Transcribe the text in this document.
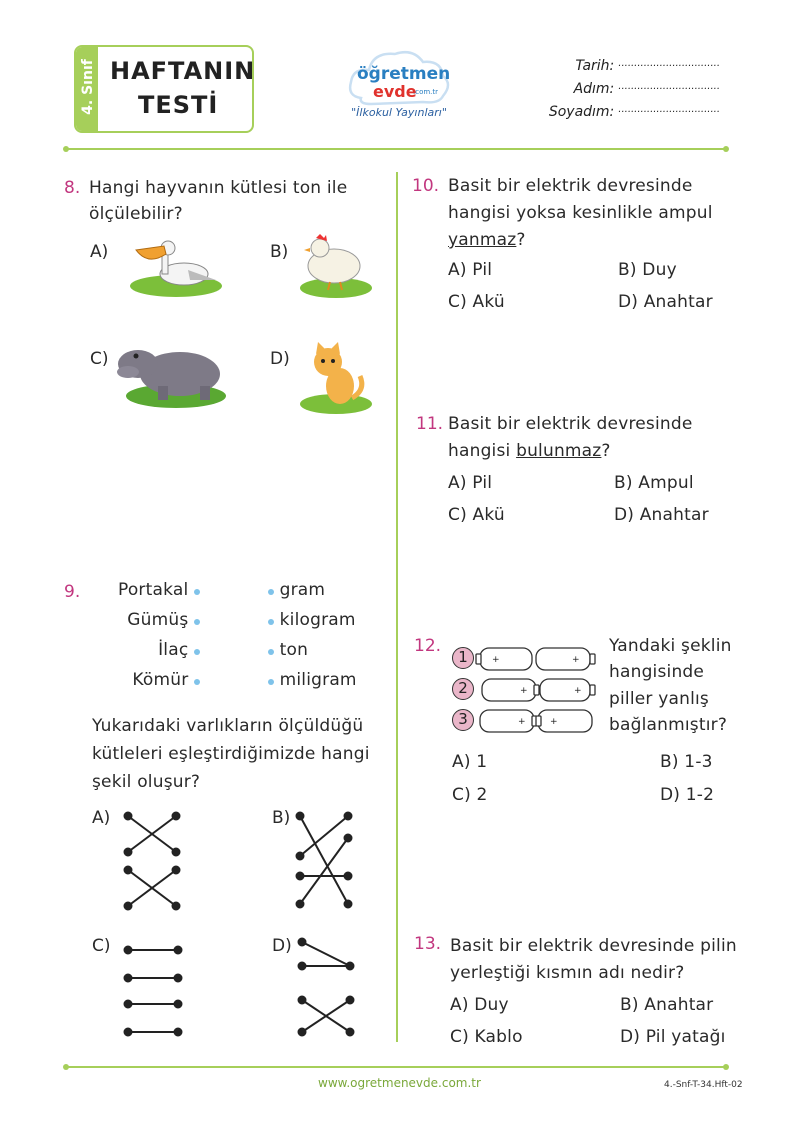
4. Sınıf HAFTANIN
TESTİ
öğretmen
evde
.com.tr
"İlkokul Yayınları"
Tarih: ................................
Adım: ................................
Soyadım: ................................
8. Hangi hayvanın kütlesi ton ile
ölçülebilir?
A)	B)
C)	D)
9.	Portakal
Gümüş
İlaç
Kömür
gram
kilogram
ton
miligram
Yukarıdaki varlıkların ölçüldüğü
kütleleri eşleştirdiğimizde hangi
şekil oluşur?
A)	B)
C)	D)
10. Basit bir elektrik devresinde
hangisi yoksa kesinlikle ampul
yanmaz?
A) Pil	B) Duy
C) Akü	D) Anahtar
11. Basit bir elektrik devresinde
hangisi bulunmaz?
A) Pil	B) Ampul
C) Akü	D) Anahtar
12.
1
2
3
+	+
+	+
+	+
Yandaki şeklin
hangisinde
piller yanlış
bağlanmıştır?
A) 1	B) 1-3
C) 2	D) 1-2
13. Basit bir elektrik devresinde pilin
yerleştiği kısmın adı nedir?
A) Duy	B) Anahtar
C) Kablo	D) Pil yatağı
www.ogretmenevde.com.tr	4.-Snf-T-34.Hft-02
